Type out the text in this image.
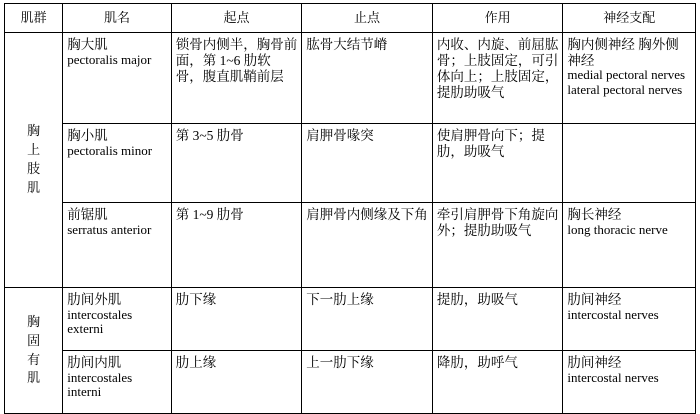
肌群	肌名	起点	止点	作用	神经支配

胸上肢肌	胸大肌
pectoralis major	锁骨内侧半，胸骨前面，第 1~6 肋软骨，腹直肌鞘前层	肱骨大结节嵴	内收、内旋、前屈肱骨；上肢固定，可引体向上；上肢固定，提肋助吸气	胸内侧神经 胸外侧神经
medial pectoral nerves lateral pectoral nerves

	胸小肌
pectoralis minor	第 3~5 肋骨	肩胛骨喙突	使肩胛骨向下；提肋，助吸气	

	前锯肌
serratus anterior	第 1~9 肋骨	肩胛骨内侧缘及下角	牵引肩胛骨下角旋向外；提肋助吸气	胸长神经
long thoracic nerve

胸固有肌	肋间外肌
intercostales externi	肋下缘	下一肋上缘	提肋，助吸气	肋间神经
intercostal nerves

	肋间内肌
intercostales interni	肋上缘	上一肋下缘	降肋，助呼气	肋间神经
intercostal nerves
